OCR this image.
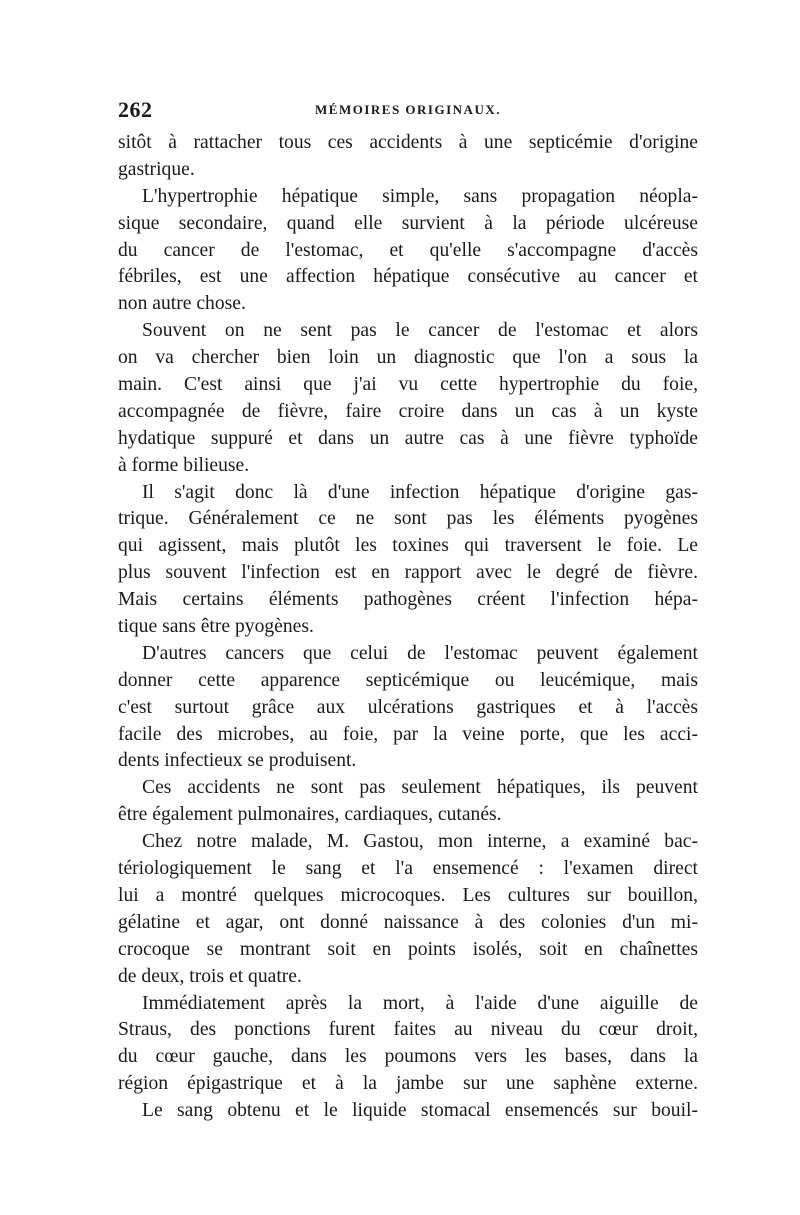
262	MÉMOIRES ORIGINAUX.
sitôt à rattacher tous ces accidents à une septicémie d'origine
gastrique.
L'hypertrophie hépatique simple, sans propagation néopla-
sique secondaire, quand elle survient à la période ulcéreuse
du cancer de l'estomac, et qu'elle s'accompagne d'accès
fébriles, est une affection hépatique consécutive au cancer et
non autre chose.
Souvent on ne sent pas le cancer de l'estomac et alors
on va chercher bien loin un diagnostic que l'on a sous la
main. C'est ainsi que j'ai vu cette hypertrophie du foie,
accompagnée de fièvre, faire croire dans un cas à un kyste
hydatique suppuré et dans un autre cas à une fièvre typhoïde
à forme bilieuse.
Il s'agit donc là d'une infection hépatique d'origine gas-
trique. Généralement ce ne sont pas les éléments pyogènes
qui agissent, mais plutôt les toxines qui traversent le foie. Le
plus souvent l'infection est en rapport avec le degré de fièvre.
Mais certains éléments pathogènes créent l'infection hépa-
tique sans être pyogènes.
D'autres cancers que celui de l'estomac peuvent également
donner cette apparence septicémique ou leucémique, mais
c'est surtout grâce aux ulcérations gastriques et à l'accès
facile des microbes, au foie, par la veine porte, que les acci-
dents infectieux se produisent.
Ces accidents ne sont pas seulement hépatiques, ils peuvent
être également pulmonaires, cardiaques, cutanés.
Chez notre malade, M. Gastou, mon interne, a examiné bac-
tériologiquement le sang et l'a ensemencé : l'examen direct
lui a montré quelques microcoques. Les cultures sur bouillon,
gélatine et agar, ont donné naissance à des colonies d'un mi-
crocoque se montrant soit en points isolés, soit en chaînettes
de deux, trois et quatre.
Immédiatement après la mort, à l'aide d'une aiguille de
Straus, des ponctions furent faites au niveau du cœur droit,
du cœur gauche, dans les poumons vers les bases, dans la
région épigastrique et à la jambe sur une saphène externe.
Le sang obtenu et le liquide stomacal ensemencés sur bouil-
